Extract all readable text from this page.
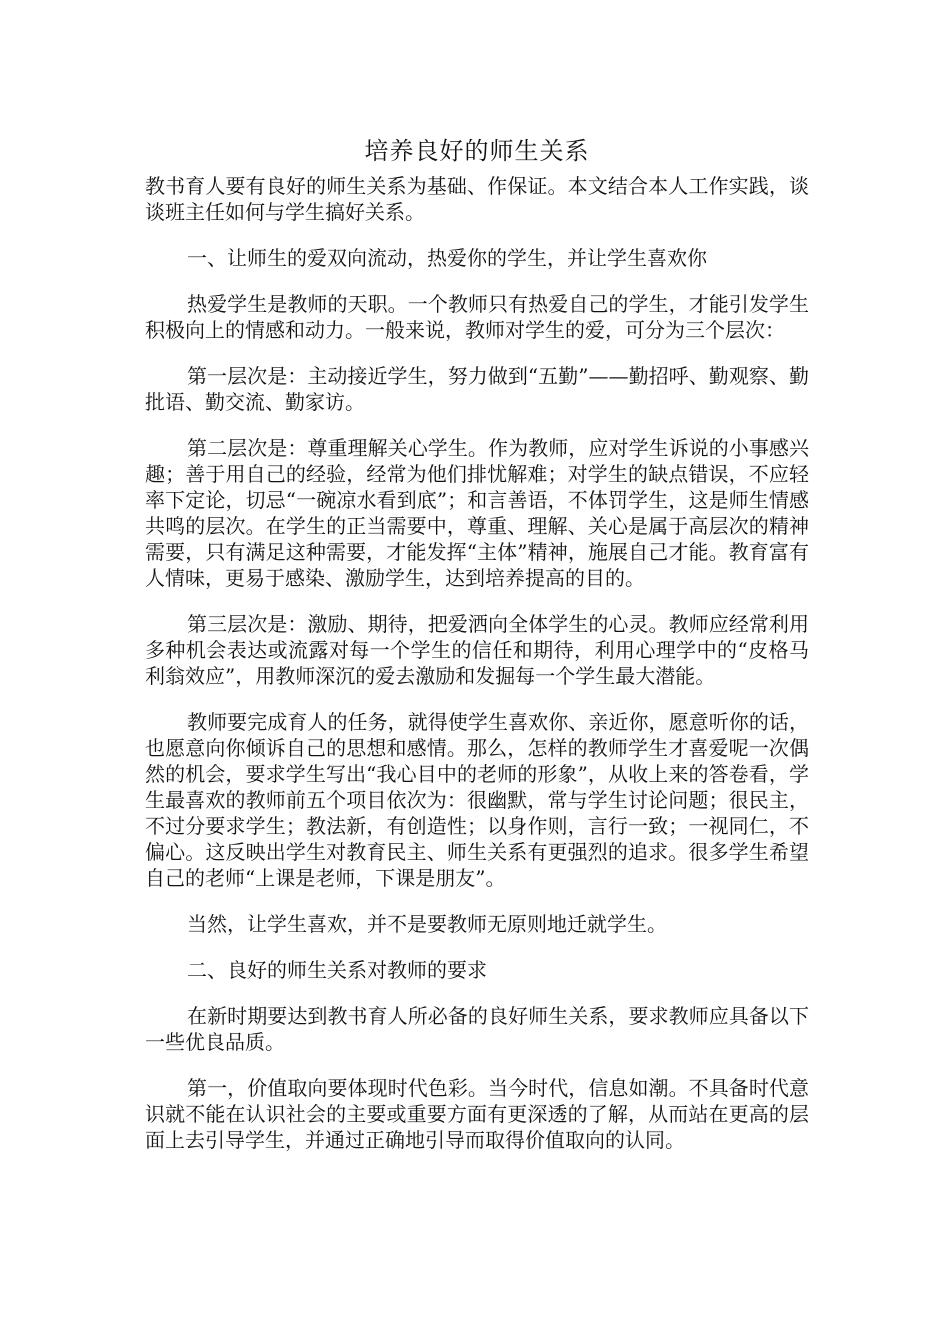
培养良好的师生关系
教书育人要有良好的师生关系为基础、作保证。本文结合本人工作实践，谈谈班主任如何与学生搞好关系。
一、让师生的爱双向流动，热爱你的学生，并让学生喜欢你
热爱学生是教师的天职。一个教师只有热爱自己的学生，才能引发学生积极向上的情感和动力。一般来说，教师对学生的爱，可分为三个层次：
第一层次是：主动接近学生，努力做到“五勤”——勤招呼、勤观察、勤批语、勤交流、勤家访。
第二层次是：尊重理解关心学生。作为教师，应对学生诉说的小事感兴趣；善于用自己的经验，经常为他们排忧解难；对学生的缺点错误，不应轻率下定论，切忌“一碗凉水看到底”；和言善语，不体罚学生，这是师生情感共鸣的层次。在学生的正当需要中，尊重、理解、关心是属于高层次的精神需要，只有满足这种需要，才能发挥“主体”精神，施展自己才能。教育富有人情味，更易于感染、激励学生，达到培养提高的目的。
第三层次是：激励、期待，把爱洒向全体学生的心灵。教师应经常利用多种机会表达或流露对每一个学生的信任和期待，利用心理学中的“皮格马利翁效应”，用教师深沉的爱去激励和发掘每一个学生最大潜能。
教师要完成育人的任务，就得使学生喜欢你、亲近你，愿意听你的话，也愿意向你倾诉自己的思想和感情。那么，怎样的教师学生才喜爱呢一次偶然的机会，要求学生写出“我心目中的老师的形象”，从收上来的答卷看，学生最喜欢的教师前五个项目依次为：很幽默，常与学生讨论问题；很民主，不过分要求学生；教法新，有创造性；以身作则，言行一致；一视同仁，不偏心。这反映出学生对教育民主、师生关系有更强烈的追求。很多学生希望自己的老师“上课是老师，下课是朋友”。
当然，让学生喜欢，并不是要教师无原则地迁就学生。
二、良好的师生关系对教师的要求
在新时期要达到教书育人所必备的良好师生关系，要求教师应具备以下一些优良品质。
第一，价值取向要体现时代色彩。当今时代，信息如潮。不具备时代意识就不能在认识社会的主要或重要方面有更深透的了解，从而站在更高的层面上去引导学生，并通过正确地引导而取得价值取向的认同。
